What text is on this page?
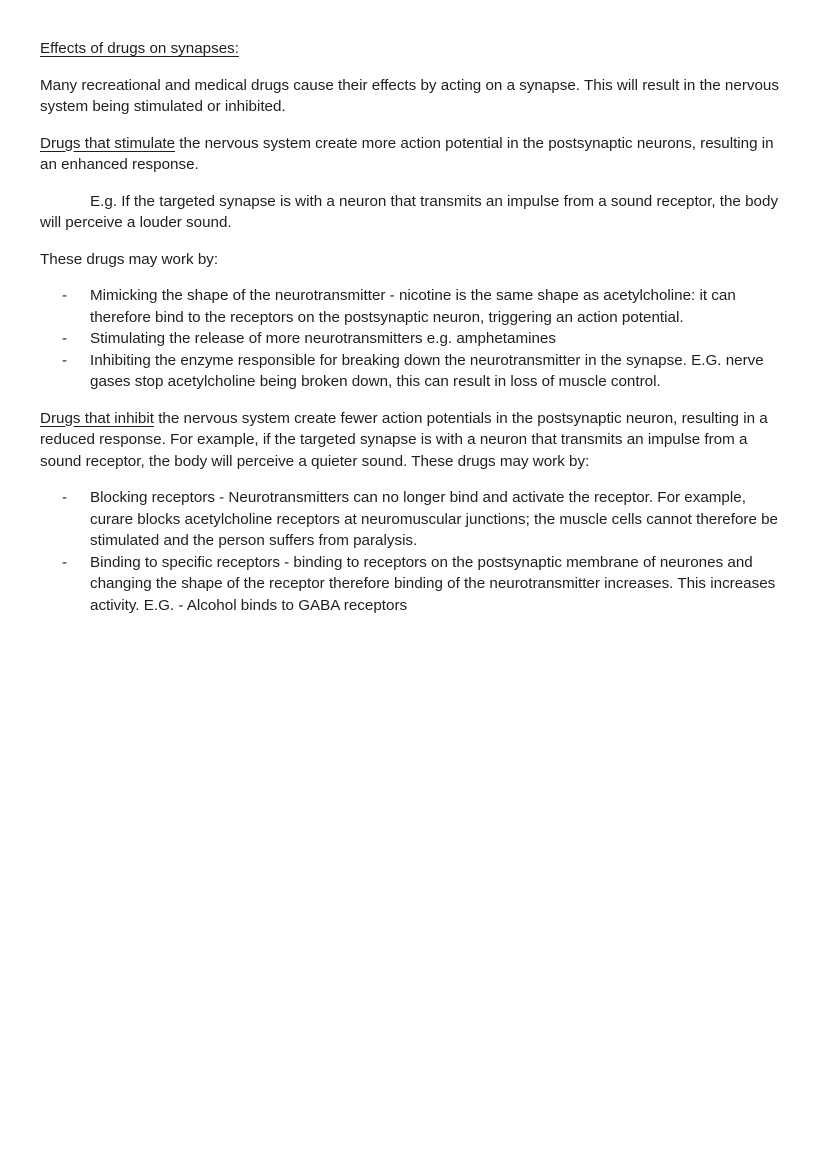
Effects of drugs on synapses:

Many recreational and medical drugs cause their effects by acting on a synapse. This will result in the nervous system being stimulated or inhibited.

Drugs that stimulate the nervous system create more action potential in the postsynaptic neurons, resulting in an enhanced response.

E.g. If the targeted synapse is with a neuron that transmits an impulse from a sound receptor, the body will perceive a louder sound.

These drugs may work by:

- Mimicking the shape of the neurotransmitter - nicotine is the same shape as acetylcholine: it can therefore bind to the receptors on the postsynaptic neuron, triggering an action potential.
- Stimulating the release of more neurotransmitters e.g. amphetamines
- Inhibiting the enzyme responsible for breaking down the neurotransmitter in the synapse. E.G. nerve gases stop acetylcholine being broken down, this can result in loss of muscle control.

Drugs that inhibit the nervous system create fewer action potentials in the postsynaptic neuron, resulting in a reduced response. For example, if the targeted synapse is with a neuron that transmits an impulse from a sound receptor, the body will perceive a quieter sound. These drugs may work by:

- Blocking receptors - Neurotransmitters can no longer bind and activate the receptor. For example, curare blocks acetylcholine receptors at neuromuscular junctions; the muscle cells cannot therefore be stimulated and the person suffers from paralysis.
- Binding to specific receptors - binding to receptors on the postsynaptic membrane of neurones and changing the shape of the receptor therefore binding of the neurotransmitter increases. This increases activity. E.G. - Alcohol binds to GABA receptors
